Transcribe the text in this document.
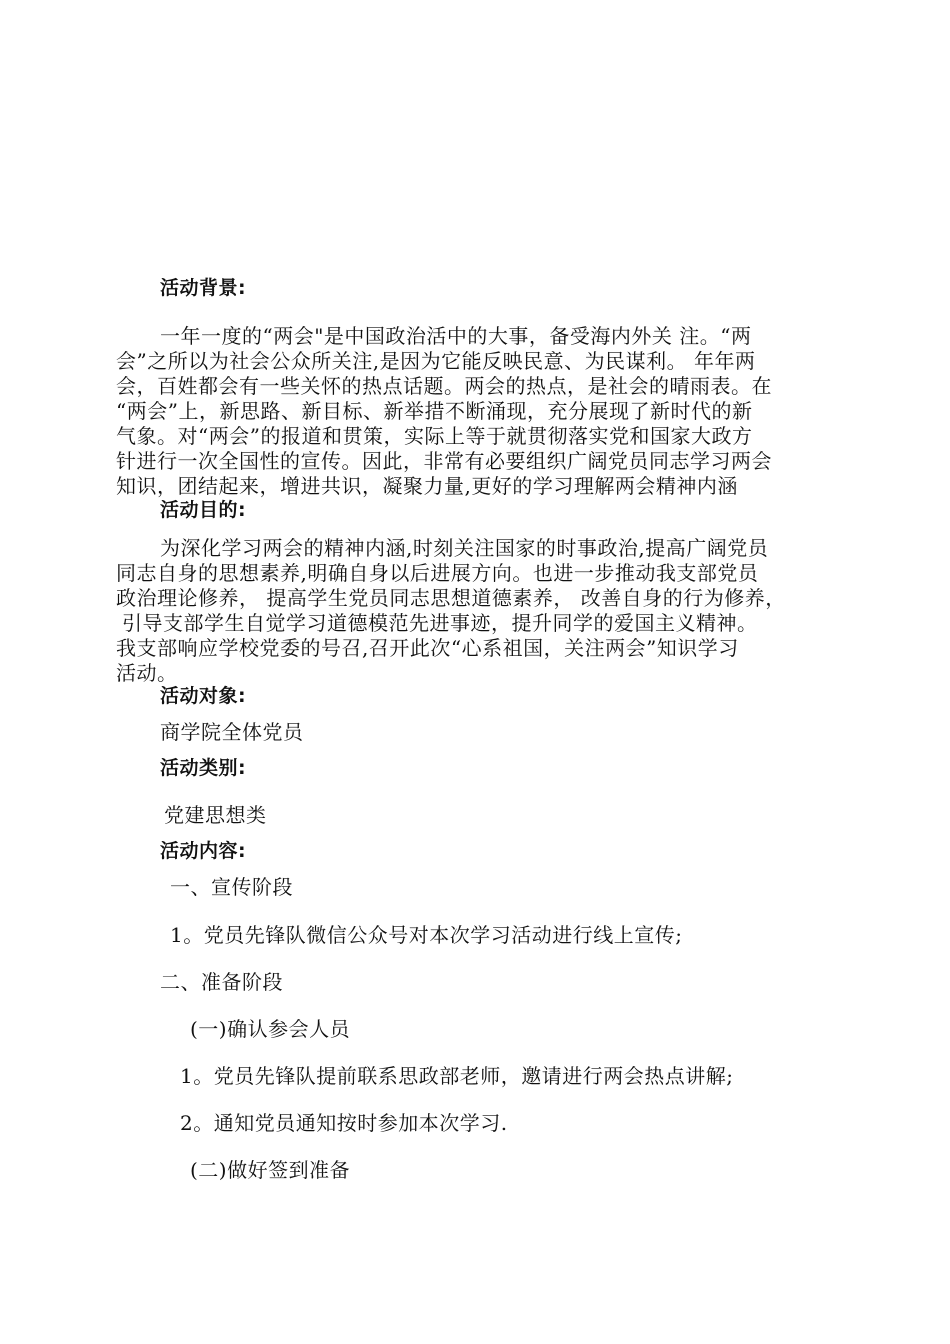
活动背景:
一年一度的“两会"是中国政治活中的大事，备受海内外关 注。“两
会”之所以为社会公众所关注,是因为它能反映民意、为民谋利。 年年两
会，百姓都会有一些关怀的热点话题。两会的热点，是社会的晴雨表。在
“两会”上，新思路、新目标、新举措不断涌现，充分展现了新时代的新
气象。对“两会”的报道和贯策，实际上等于就贯彻落实党和国家大政方
针进行一次全国性的宣传。因此，非常有必要组织广阔党员同志学习两会
知识，团结起来，增进共识，凝聚力量,更好的学习理解两会精神内涵
活动目的:
为深化学习两会的精神内涵,时刻关注国家的时事政治,提高广阔党员
同志自身的思想素养,明确自身以后进展方向。也进一步推动我支部党员
政治理论修养， 提高学生党员同志思想道德素养， 改善自身的行为修养，
引导支部学生自觉学习道德模范先进事迹，提升同学的爱国主义精神。
我支部响应学校党委的号召,召开此次“心系祖国，关注两会”知识学习
活动。
活动对象:
商学院全体党员
活动类别:
党建思想类
活动内容:
一、宣传阶段
1。党员先锋队微信公众号对本次学习活动进行线上宣传;
二、准备阶段
(一)确认参会人员
1。党员先锋队提前联系思政部老师，邀请进行两会热点讲解;
2。通知党员通知按时参加本次学习.
(二)做好签到准备
